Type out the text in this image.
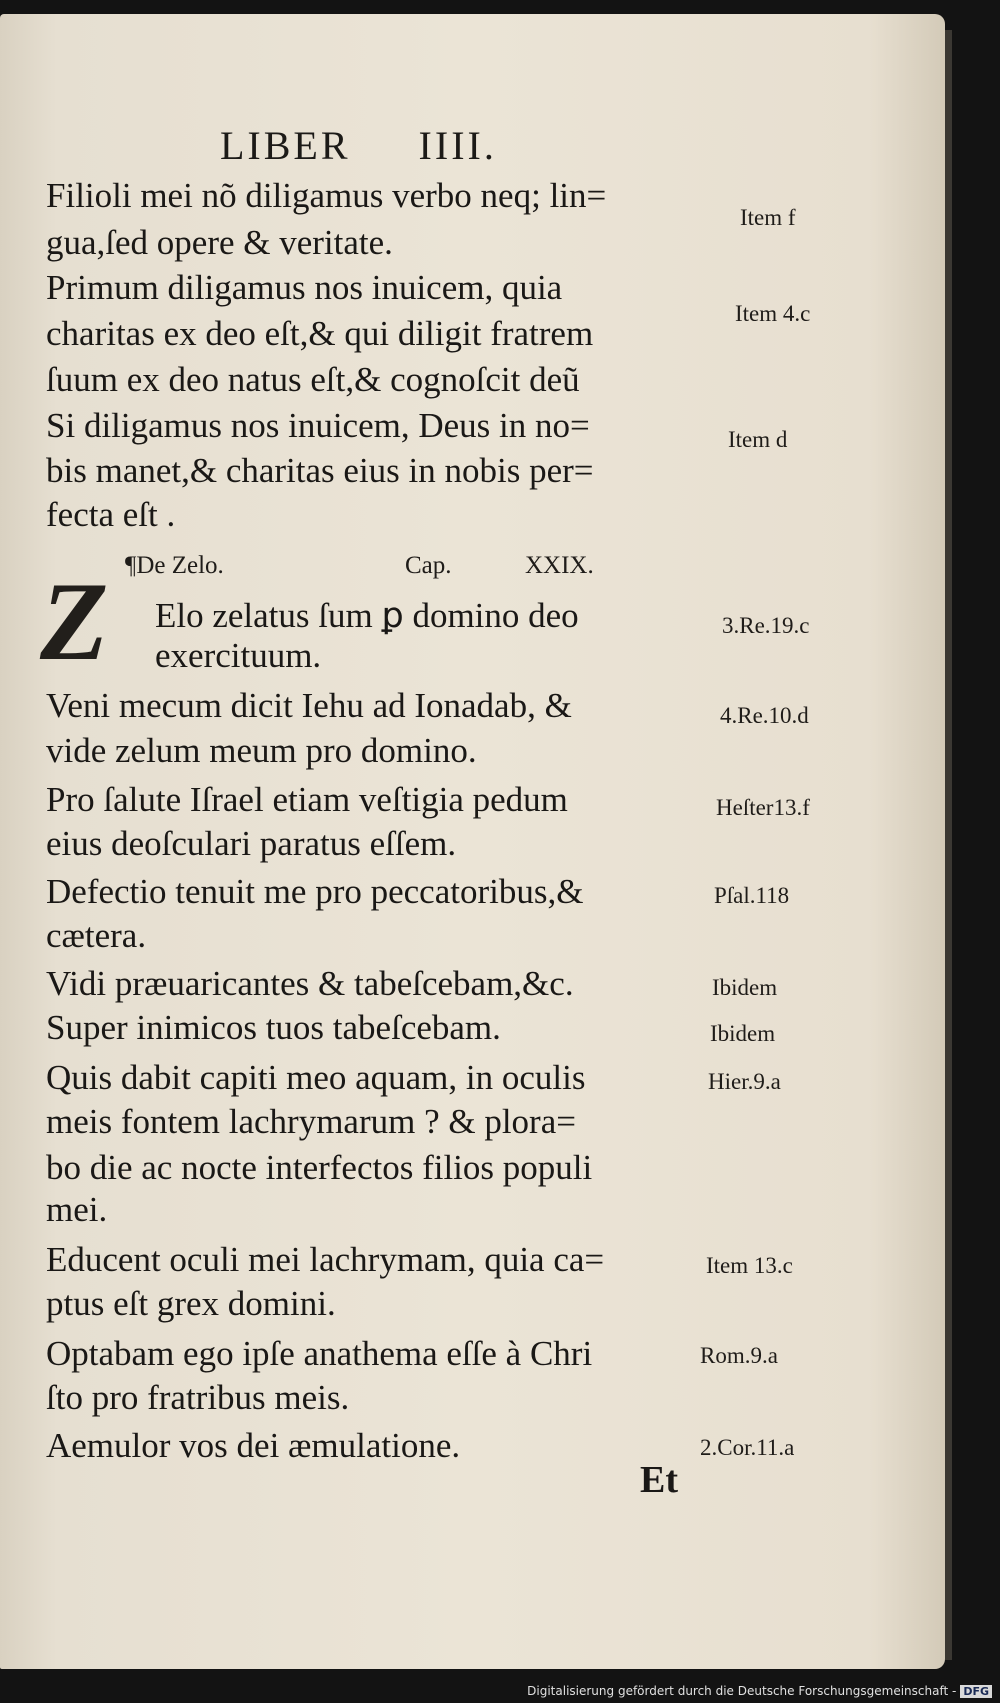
LIBER IIII.
Filioli mei nõ diligamus verbo neq; lin=
gua,ſed opere & veritate.
Primum diligamus nos inuicem, quia
charitas ex deo eſt,& qui diligit fratrem
ſuum ex deo natus eſt,& cognoſcit deũ
Si diligamus nos inuicem, Deus in no=
bis manet,& charitas eius in nobis per=
fecta eſt .
¶De Zelo.	Cap.	XXIX.
Z Elo zelatus ſum ꝑ domino deo
exercituum.
Veni mecum dicit Iehu ad Ionadab, &
vide zelum meum pro domino.
Pro ſalute Iſrael etiam veſtigia pedum
eius deoſculari paratus eſſem.
Defectio tenuit me pro peccatoribus,&
cætera.
Vidi præuaricantes & tabeſcebam,&c.
Super inimicos tuos tabeſcebam.
Quis dabit capiti meo aquam, in oculis
meis fontem lachrymarum ? & plora=
bo die ac nocte interfectos filios populi
mei.
Educent oculi mei lachrymam, quia ca=
ptus eſt grex domini.
Optabam ego ipſe anathema eſſe à Chri
ſto pro fratribus meis.
Aemulor vos dei æmulatione.
Item f
Item 4.c
Item d
3.Re.19.c
4.Re.10.d
Heſter13.f
Pſal.118
Ibidem
Ibidem
Hier.9.a
Item 13.c
Rom.9.a
2.Cor.11.a
Et
Digitalisierung gefördert durch die Deutsche Forschungsgemeinschaft - DFG
